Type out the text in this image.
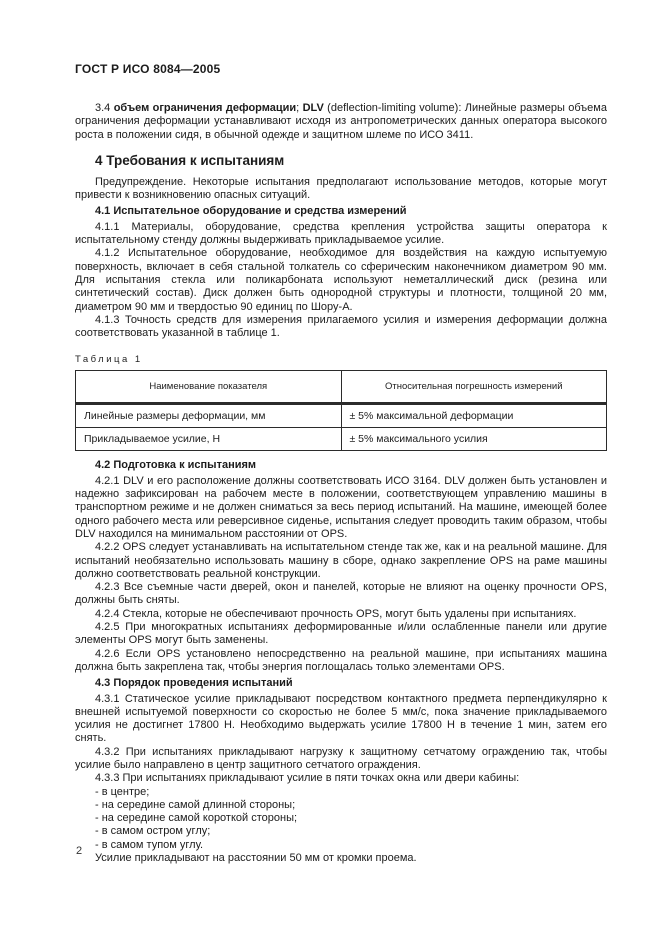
ГОСТ Р ИСО 8084—2005

3.4 объем ограничения деформации; DLV (deflection-limiting volume): Линейные размеры объема ограничения деформации устанавливают исходя из антропометрических данных оператора высокого роста в положении сидя, в обычной одежде и защитном шлеме по ИСО 3411.

4 Требования к испытаниям

Предупреждение. Некоторые испытания предполагают использование методов, которые могут привести к возникновению опасных ситуаций.

4.1 Испытательное оборудование и средства измерений

4.1.1 Материалы, оборудование, средства крепления устройства защиты оператора к испытательному стенду должны выдерживать прикладываемое усилие.

4.1.2 Испытательное оборудование, необходимое для воздействия на каждую испытуемую поверхность, включает в себя стальной толкатель со сферическим наконечником диаметром 90 мм. Для испытания стекла или поликарбоната используют неметаллический диск (резина или синтетический состав). Диск должен быть однородной структуры и плотности, толщиной 20 мм, диаметром 90 мм и твердостью 90 единиц по Шору-А.

4.1.3 Точность средств для измерения прилагаемого усилия и измерения деформации должна соответствовать указанной в таблице 1.

Таблица 1
Наименование показателя	Относительная погрешность измерений
Линейные размеры деформации, мм	± 5% максимальной деформации
Прикладываемое усилие, Н	± 5% максимального усилия

4.2 Подготовка к испытаниям

4.2.1 DLV и его расположение должны соответствовать ИСО 3164. DLV должен быть установлен и надежно зафиксирован на рабочем месте в положении, соответствующем управлению машины в транспортном режиме и не должен сниматься за весь период испытаний. На машине, имеющей более одного рабочего места или реверсивное сиденье, испытания следует проводить таким образом, чтобы DLV находился на минимальном расстоянии от OPS.

4.2.2 OPS следует устанавливать на испытательном стенде так же, как и на реальной машине. Для испытаний необязательно использовать машину в сборе, однако закрепление OPS на раме машины должно соответствовать реальной конструкции.

4.2.3 Все съемные части дверей, окон и панелей, которые не влияют на оценку прочности OPS, должны быть сняты.

4.2.4 Стекла, которые не обеспечивают прочность OPS, могут быть удалены при испытаниях.

4.2.5 При многократных испытаниях деформированные и/или ослабленные панели или другие элементы OPS могут быть заменены.

4.2.6 Если OPS установлено непосредственно на реальной машине, при испытаниях машина должна быть закреплена так, чтобы энергия поглощалась только элементами OPS.

4.3 Порядок проведения испытаний

4.3.1 Статическое усилие прикладывают посредством контактного предмета перпендикулярно к внешней испытуемой поверхности со скоростью не более 5 мм/с, пока значение прикладываемого усилия не достигнет 17800 Н. Необходимо выдержать усилие 17800 Н в течение 1 мин, затем его снять.

4.3.2 При испытаниях прикладывают нагрузку к защитному сетчатому ограждению так, чтобы усилие было направлено в центр защитного сетчатого ограждения.

4.3.3 При испытаниях прикладывают усилие в пяти точках окна или двери кабины:

- в центре;
- на середине самой длинной стороны;
- на середине самой короткой стороны;
- в самом остром углу;
- в самом тупом углу.

Усилие прикладывают на расстоянии 50 мм от кромки проема.

2
